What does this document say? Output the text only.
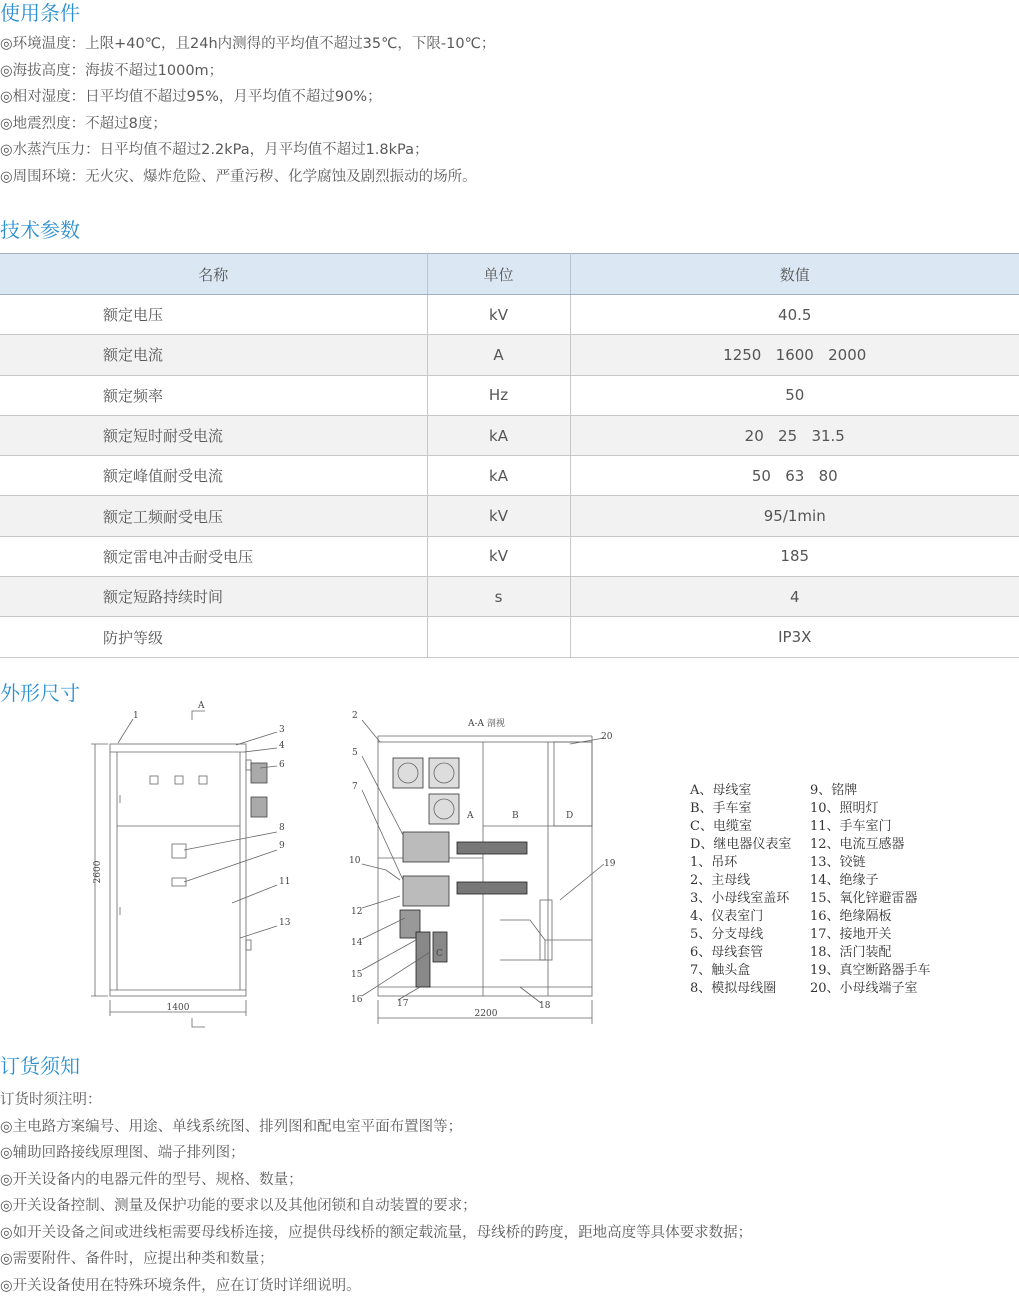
使用条件
◎环境温度：上限+40℃，且24h内测得的平均值不超过35℃，下限-10℃；
◎海拔高度：海拔不超过1000m；
◎相对湿度：日平均值不超过95%，月平均值不超过90%；
◎地震烈度：不超过8度；
◎水蒸汽压力：日平均值不超过2.2kPa，月平均值不超过1.8kPa；
◎周围环境：无火灾、爆炸危险、严重污秽、化学腐蚀及剧烈振动的场所。
技术参数
名称	单位	数值
额定电压	kV	40.5
额定电流	A	1250   1600   2000
额定频率	Hz	50
额定短时耐受电流	kA	20   25   31.5
额定峰值耐受电流	kA	50   63   80
额定工频耐受电压	kV	95/1min
额定雷电冲击耐受电压	kV	185
额定短路持续时间	s	4
防护等级		IP3X
外形尺寸
2600
1400
A
2200
A-A 剖视
1
3
4
6
8
9
11
13
A	B
C
D
2
5
7
10
12
14
15
16	17	18
19
20
A、母线室
B、手车室
C、电缆室
D、继电器仪表室
1、吊环
2、主母线
3、小母线室盖环
4、仪表室门
5、分支母线
6、母线套管
7、触头盒
8、模拟母线圈
9、铭牌
10、照明灯
11、手车室门
12、电流互感器
13、铰链
14、绝缘子
15、氧化锌避雷器
16、绝缘隔板
17、接地开关
18、活门装配
19、真空断路器手车
20、小母线端子室
订货须知
订货时须注明：
◎主电路方案编号、用途、单线系统图、排列图和配电室平面布置图等；
◎辅助回路接线原理图、端子排列图；
◎开关设备内的电器元件的型号、规格、数量；
◎开关设备控制、测量及保护功能的要求以及其他闭锁和自动装置的要求；
◎如开关设备之间或进线柜需要母线桥连接，应提供母线桥的额定载流量，母线桥的跨度，距地高度等具体要求数据；
◎需要附件、备件时，应提出种类和数量；
◎开关设备使用在特殊环境条件，应在订货时详细说明。
